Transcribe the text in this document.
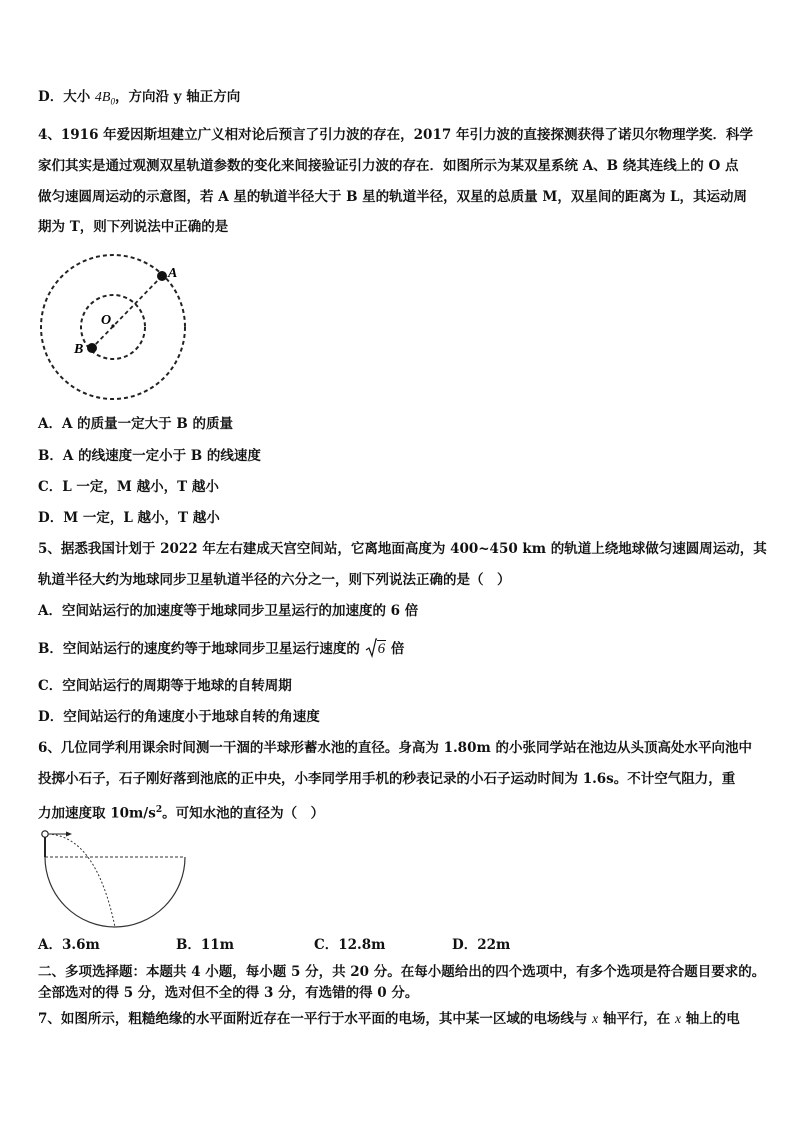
D．大小 $4B_0$，方向沿 y 轴正方向
4、1916 年爱因斯坦建立广义相对论后预言了引力波的存在，2017 年引力波的直接探测获得了诺贝尔物理学奖．科学
家们其实是通过观测双星轨道参数的变化来间接验证引力波的存在．如图所示为某双星系统 A、B 绕其连线上的 O 点
做匀速圆周运动的示意图，若 A 星的轨道半径大于 B 星的轨道半径，双星的总质量 M，双星间的距离为 L，其运动周
期为 T，则下列说法中正确的是
A
B
O
A．A 的质量一定大于 B 的质量
B．A 的线速度一定小于 B 的线速度
C．L 一定，M 越小，T 越小
D．M 一定，L 越小，T 越小
5、据悉我国计划于 2022 年左右建成天宫空间站，它离地面高度为 400~450 km 的轨道上绕地球做匀速圆周运动，其
轨道半径大约为地球同步卫星轨道半径的六分之一，则下列说法正确的是（　）
A．空间站运行的加速度等于地球同步卫星运行的加速度的 6 倍
B．空间站运行的速度约等于地球同步卫星运行速度的 6 倍
C．空间站运行的周期等于地球的自转周期
D．空间站运行的角速度小于地球自转的角速度
6、几位同学利用课余时间测一干涸的半球形蓄水池的直径。身高为 1.80m 的小张同学站在池边从头顶高处水平向池中
投掷小石子，石子刚好落到池底的正中央，小李同学用手机的秒表记录的小石子运动时间为 1.6s。不计空气阻力，重
力加速度取 $10m/s^2$。可知水池的直径为（　）
A．3.6m	B．11m	C．12.8m	D．22m
二、多项选择题：本题共 4 小题，每小题 5 分，共 20 分。在每小题给出的四个选项中，有多个选项是符合题目要求的。
全部选对的得 5 分，选对但不全的得 3 分，有选错的得 0 分。
7、如图所示，粗糙绝缘的水平面附近存在一平行于水平面的电场，其中某一区域的电场线与 x 轴平行，在 x 轴上的电
